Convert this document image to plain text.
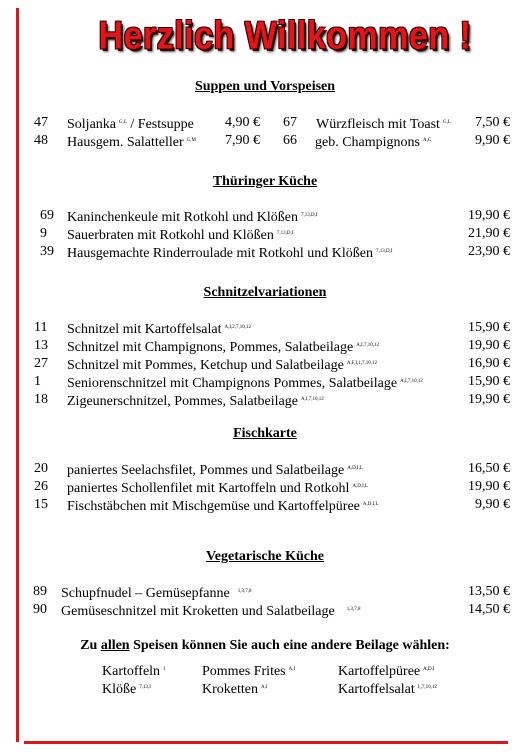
Herzlich Willkommen !
Suppen und Vorspeisen
47 Soljanka $^{G,L}$ / Festsuppe	4,90 € 67 Würzfleisch mit Toast $^{G,L}$	7,50 €
48 Hausgem. Salatteller $^{G,M}$	7,90 € 66 geb. Champignons $^{A,C}$	9,90 €
Thüringer Küche
69 Kaninchenkeule mit Rotkohl und Klößen $^{7,13,D,I}$	19,90 €
9 Sauerbraten mit Rotkohl und Klößen $^{7,13,D,I}$	21,90 €
39 Hausgemachte Rinderroulade mit Rotkohl und Klößen $^{7,13,D,I}$	23,90 €
Schnitzelvariationen
11 Schnitzel mit Kartoffelsalat $^{A,I,2,7,10,12}$	15,90 €
13 Schnitzel mit Champignons, Pommes, Salatbeilage $^{A,I,7,10,12}$	19,90 €
27 Schnitzel mit Pommes, Ketchup und Salatbeilage $^{A,F,I,1,7,10,12}$	16,90 €
1 Seniorenschnitzel mit Champignons Pommes, Salatbeilage $^{A,I,7,10,12}$	15,90 €
18 Zigeunerschnitzel, Pommes, Salatbeilage $^{A,I,7,10,12}$	19,90 €
Fischkarte
20 paniertes Seelachsfilet, Pommes und Salatbeilage $^{A,D,I,L}$	16,50 €
26 paniertes Schollenfilet mit Kartoffeln und Rotkohl $^{A,D,I,L}$	19,90 €
15 Fischstäbchen mit Mischgemüse und Kartoffelpüree $^{A,D,I,L}$	9,90 €
Vegetarische Küche
89 Schupfnudel – Gemüsepfanne $^{1,3,7,8}$	13,50 €
90 Gemüseschnitzel mit Kroketten und Salatbeilage $^{1,3,7,8}$	14,50 €
Zu allen Speisen können Sie auch eine andere Beilage wählen:
Kartoffeln $^1$	Pommes Frites $^{A,I}$	Kartoffelpüree $^{A,D,I}$
Klöße $^{7,13,I}$	Kroketten $^{A,I}$	Kartoffelsalat $^{I,,7,10,12}$
